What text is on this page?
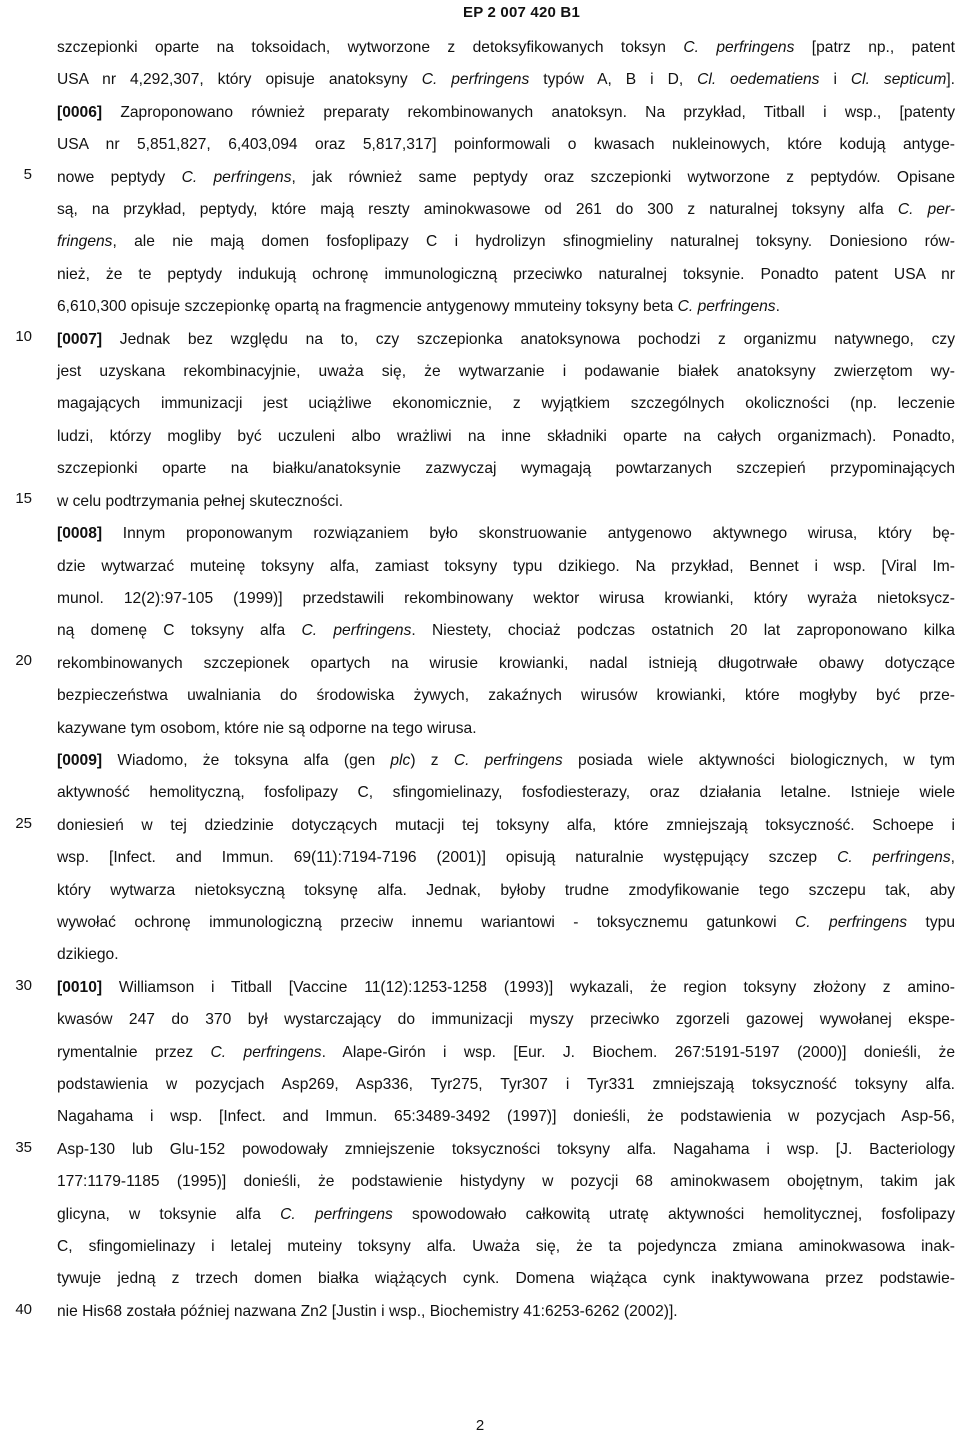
EP 2 007 420 B1
5
10
15
20
25
30
35
40
szczepionki oparte na toksoidach, wytworzone z detoksyfikowanych toksyn C. perfringens [patrz np., patent
USA nr 4,292,307, który opisuje anatoksyny C. perfringens typów A, B i D, Cl. oedematiens i Cl. septicum].
[0006] Zaproponowano również preparaty rekombinowanych anatoksyn. Na przykład, Titball i wsp., [patenty
USA nr 5,851,827, 6,403,094 oraz 5,817,317] poinformowali o kwasach nukleinowych, które kodują antyge-
nowe peptydy C. perfringens, jak również same peptydy oraz szczepionki wytworzone z peptydów. Opisane
są, na przykład, peptydy, które mają reszty aminokwasowe od 261 do 300 z naturalnej toksyny alfa C. per-
fringens, ale nie mają domen fosfoplipazy C i hydrolizyn sfinogmieliny naturalnej toksyny. Doniesiono rów-
nież, że te peptydy indukują ochronę immunologiczną przeciwko naturalnej toksynie. Ponadto patent USA nr
6,610,300 opisuje szczepionkę opartą na fragmencie antygenowy mmuteiny toksyny beta C. perfringens.
[0007] Jednak bez względu na to, czy szczepionka anatoksynowa pochodzi z organizmu natywnego, czy
jest uzyskana rekombinacyjnie, uważa się, że wytwarzanie i podawanie białek anatoksyny zwierzętom wy-
magających immunizacji jest uciążliwe ekonomicznie, z wyjątkiem szczególnych okoliczności (np. leczenie
ludzi, którzy mogliby być uczuleni albo wrażliwi na inne składniki oparte na całych organizmach). Ponadto,
szczepionki oparte na białku/anatoksynie zazwyczaj wymagają powtarzanych szczepień przypominających
w celu podtrzymania pełnej skuteczności.
[0008] Innym proponowanym rozwiązaniem było skonstruowanie antygenowo aktywnego wirusa, który bę-
dzie wytwarzać muteinę toksyny alfa, zamiast toksyny typu dzikiego. Na przykład, Bennet i wsp. [Viral Im-
munol. 12(2):97-105 (1999)] przedstawili rekombinowany wektor wirusa krowianki, który wyraża nietoksycz-
ną domenę C toksyny alfa C. perfringens. Niestety, chociaż podczas ostatnich 20 lat zaproponowano kilka
rekombinowanych szczepionek opartych na wirusie krowianki, nadal istnieją długotrwałe obawy dotyczące
bezpieczeństwa uwalniania do środowiska żywych, zakaźnych wirusów krowianki, które mogłyby być prze-
kazywane tym osobom, które nie są odporne na tego wirusa.
[0009] Wiadomo, że toksyna alfa (gen plc) z C. perfringens posiada wiele aktywności biologicznych, w tym
aktywność hemolityczną, fosfolipazy C, sfingomielinazy, fosfodiesterazy, oraz działania letalne. Istnieje wiele
doniesień w tej dziedzinie dotyczących mutacji tej toksyny alfa, które zmniejszają toksyczność. Schoepe i
wsp. [Infect. and Immun. 69(11):7194-7196 (2001)] opisują naturalnie występujący szczep C. perfringens,
który wytwarza nietoksyczną toksynę alfa. Jednak, byłoby trudne zmodyfikowanie tego szczepu tak, aby
wywołać ochronę immunologiczną przeciw innemu wariantowi - toksycznemu gatunkowi C. perfringens typu
dzikiego.
[0010] Williamson i Titball [Vaccine 11(12):1253-1258 (1993)] wykazali, że region toksyny złożony z amino-
kwasów 247 do 370 był wystarczający do immunizacji myszy przeciwko zgorzeli gazowej wywołanej ekspe-
rymentalnie przez C. perfringens. Alape-Girón i wsp. [Eur. J. Biochem. 267:5191-5197 (2000)] donieśli, że
podstawienia w pozycjach Asp269, Asp336, Tyr275, Tyr307 i Tyr331 zmniejszają toksyczność toksyny alfa.
Nagahama i wsp. [Infect. and Immun. 65:3489-3492 (1997)] donieśli, że podstawienia w pozycjach Asp-56,
Asp-130 lub Glu-152 powodowały zmniejszenie toksyczności toksyny alfa. Nagahama i wsp. [J. Bacteriology
177:1179-1185 (1995)] donieśli, że podstawienie histydyny w pozycji 68 aminokwasem obojętnym, takim jak
glicyna, w toksynie alfa C. perfringens spowodowało całkowitą utratę aktywności hemolitycznej, fosfolipazy
C, sfingomielinazy i letalej muteiny toksyny alfa. Uważa się, że ta pojedyncza zmiana aminokwasowa inak-
tywuje jedną z trzech domen białka wiążących cynk. Domena wiążąca cynk inaktywowana przez podstawie-
nie His68 została później nazwana Zn2 [Justin i wsp., Biochemistry 41:6253-6262 (2002)].
2
